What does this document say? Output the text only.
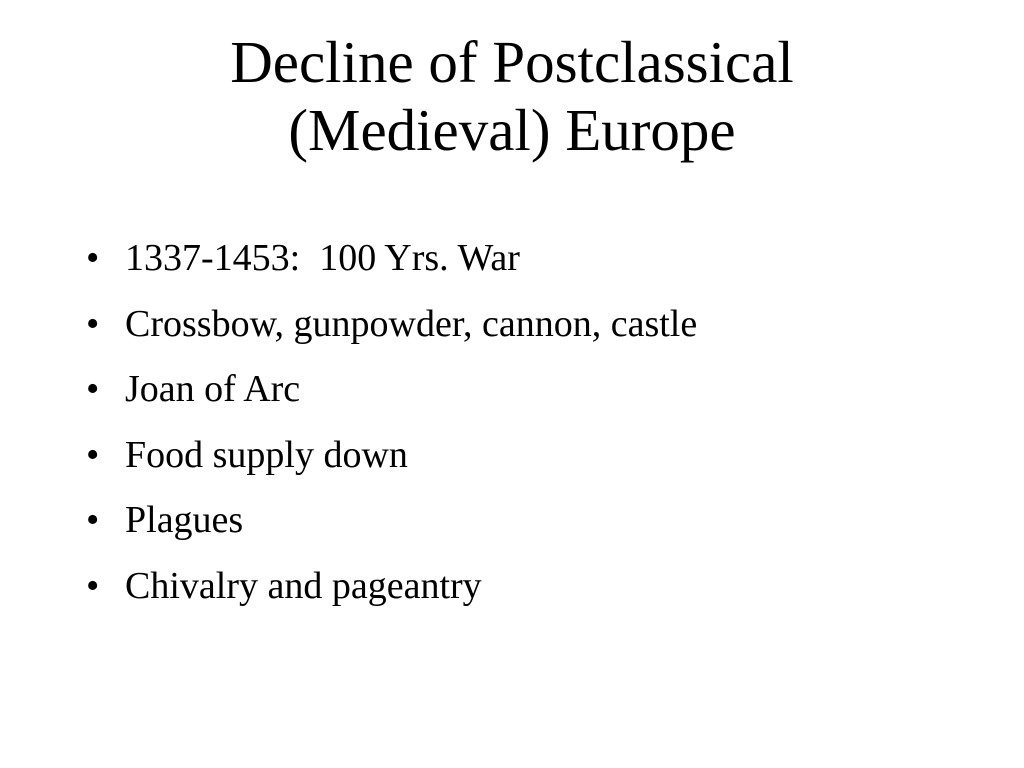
Decline of Postclassical
(Medieval) Europe
• 1337-1453:  100 Yrs. War
• Crossbow, gunpowder, cannon, castle
• Joan of Arc
• Food supply down
• Plagues
• Chivalry and pageantry
